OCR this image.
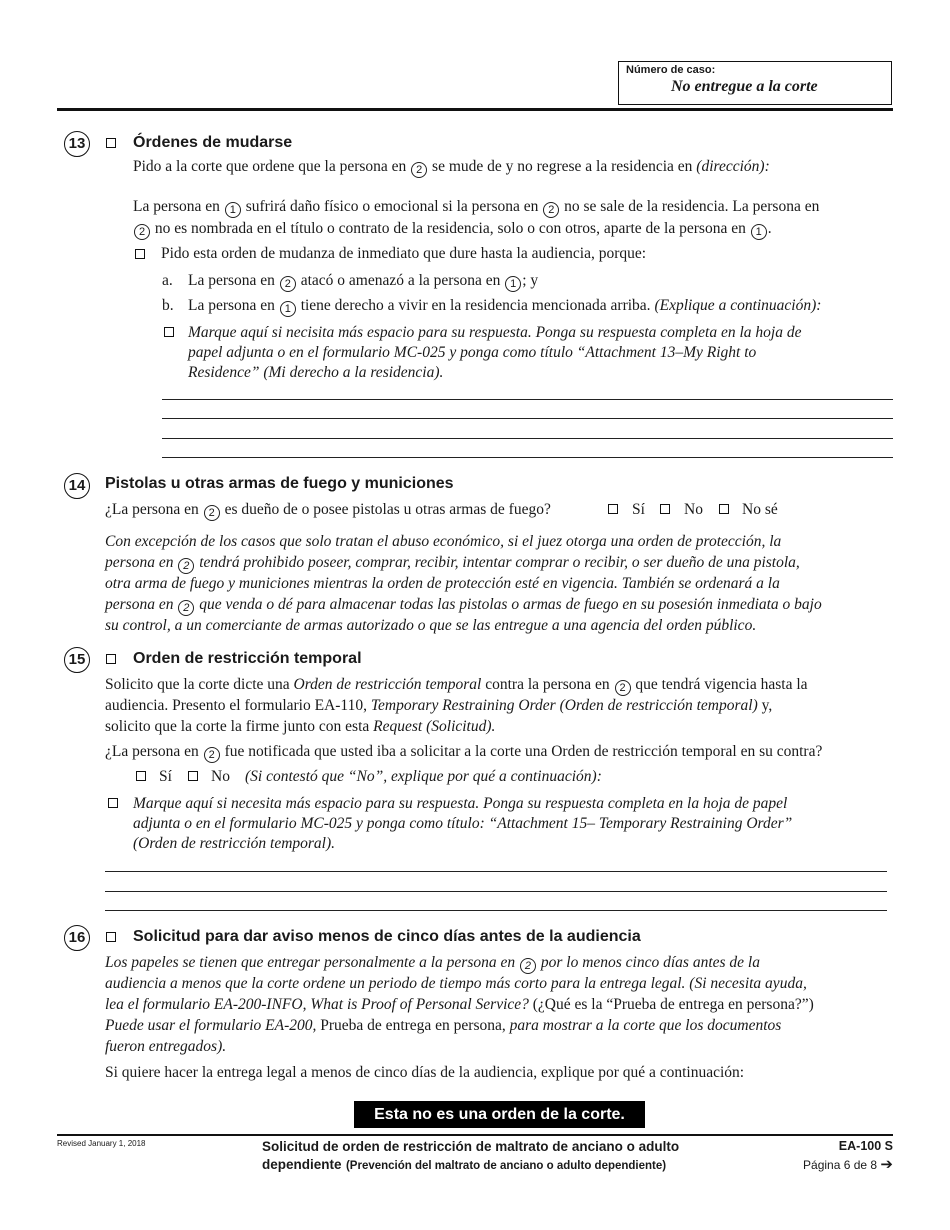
Número de caso:
No entregue a la corte
13	Órdenes de mudarse
Pido a la corte que ordene que la persona en 2 se mude de y no regrese a la residencia en (dirección):
La persona en 1 sufrirá daño físico o emocional si la persona en 2 no se sale de la residencia. La persona en
2 no es nombrada en el título o contrato de la residencia, solo o con otros, aparte de la persona en 1 .
Pido esta orden de mudanza de inmediato que dure hasta la audiencia, porque:
a. La persona en 2 atacó o amenazó a la persona en 1 ; y
b. La persona en 1 tiene derecho a vivir en la residencia mencionada arriba. (Explique a continuación):
Marque aquí si necisita más espacio para su respuesta. Ponga su respuesta completa en la hoja de
papel adjunta o en el formulario MC-025 y ponga como título “Attachment 13–My Right to
Residence” (Mi derecho a la residencia).
14 Pistolas u otras armas de fuego y municiones
¿La persona en 2 es dueño de o posee pistolas u otras armas de fuego?	Sí	No	No sé
Con excepción de los casos que solo tratan el abuso económico, si el juez otorga una orden de protección, la
persona en 2 tendrá prohibido poseer, comprar, recibir, intentar comprar o recibir, o ser dueño de una pistola,
otra arma de fuego y municiones mientras la orden de protección esté en vigencia. También se ordenará a la
persona en 2 que venda o dé para almacenar todas las pistolas o armas de fuego en su posesión inmediata o bajo
su control, a un comerciante de armas autorizado o que se las entregue a una agencia del orden público.
15	Orden de restricción temporal
Solicito que la corte dicte una Orden de restricción temporal contra la persona en 2 que tendrá vigencia hasta la
audiencia. Presento el formulario EA-110, Temporary Restraining Order (Orden de restricción temporal) y,
solicito que la corte la firme junto con esta Request (Solicitud).
¿La persona en 2 fue notificada que usted iba a solicitar a la corte una Orden de restricción temporal en su contra?
Sí	No (Si contestó que “No”, explique por qué a continuación):
Marque aquí si necesita más espacio para su respuesta. Ponga su respuesta completa en la hoja de papel
adjunta o en el formulario MC-025 y ponga como título: “Attachment 15– Temporary Restraining Order”
(Orden de restricción temporal).
16	Solicitud para dar aviso menos de cinco días antes de la audiencia
Los papeles se tienen que entregar personalmente a la persona en 2 por lo menos cinco días antes de la
audiencia a menos que la corte ordene un periodo de tiempo más corto para la entrega legal. (Si necesita ayuda,
lea el formulario EA-200-INFO, What is Proof of Personal Service? (¿Qué es la “Prueba de entrega en persona?”)
Puede usar el formulario EA-200, Prueba de entrega en persona, para mostrar a la corte que los documentos
fueron entregados).
Si quiere hacer la entrega legal a menos de cinco días de la audiencia, explique por qué a continuación:
Esta no es una orden de la corte.
Revised January 1, 2018	Solicitud de orden de restricción de maltrato de anciano o adulto
dependiente (Prevención del maltrato de anciano o adulto dependiente)
EA-100 S
Página 6 de 8 ➔
